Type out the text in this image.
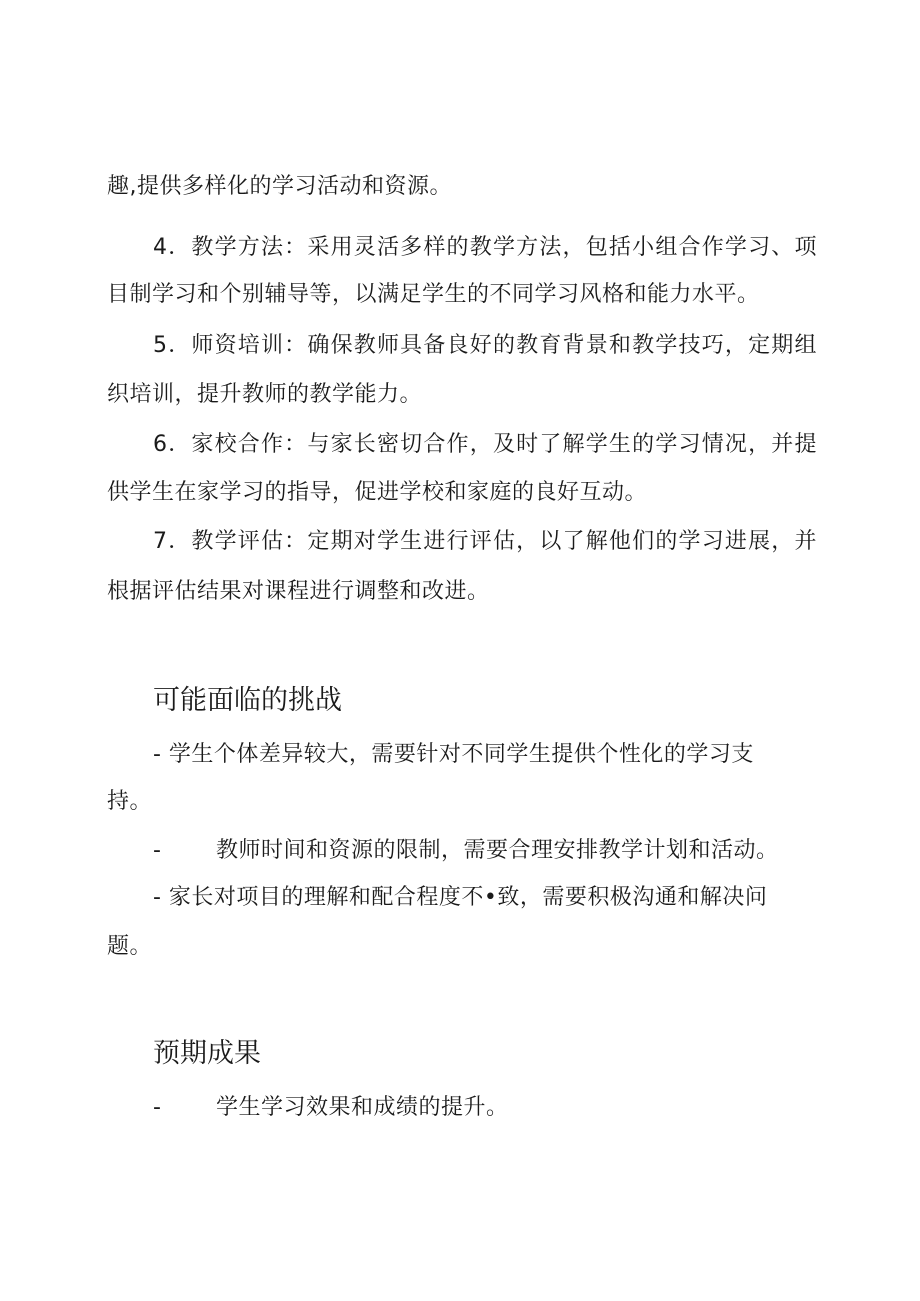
趣,提供多样化的学习活动和资源。
4．教学方法：采用灵活多样的教学方法，包括小组合作学习、项
目制学习和个别辅导等，以满足学生的不同学习风格和能力水平。
5．师资培训：确保教师具备良好的教育背景和教学技巧，定期组
织培训，提升教师的教学能力。
6．家校合作：与家长密切合作，及时了解学生的学习情况，并提
供学生在家学习的指导，促进学校和家庭的良好互动。
7．教学评估：定期对学生进行评估，以了解他们的学习进展，并
根据评估结果对课程进行调整和改进。
可能面临的挑战
- 学生个体差异较大，需要针对不同学生提供个性化的学习支
持。
-	教师时间和资源的限制，需要合理安排教学计划和活动。
- 家长对项目的理解和配合程度不•致，需要积极沟通和解决问
题。
预期成果
-	学生学习效果和成绩的提升。
